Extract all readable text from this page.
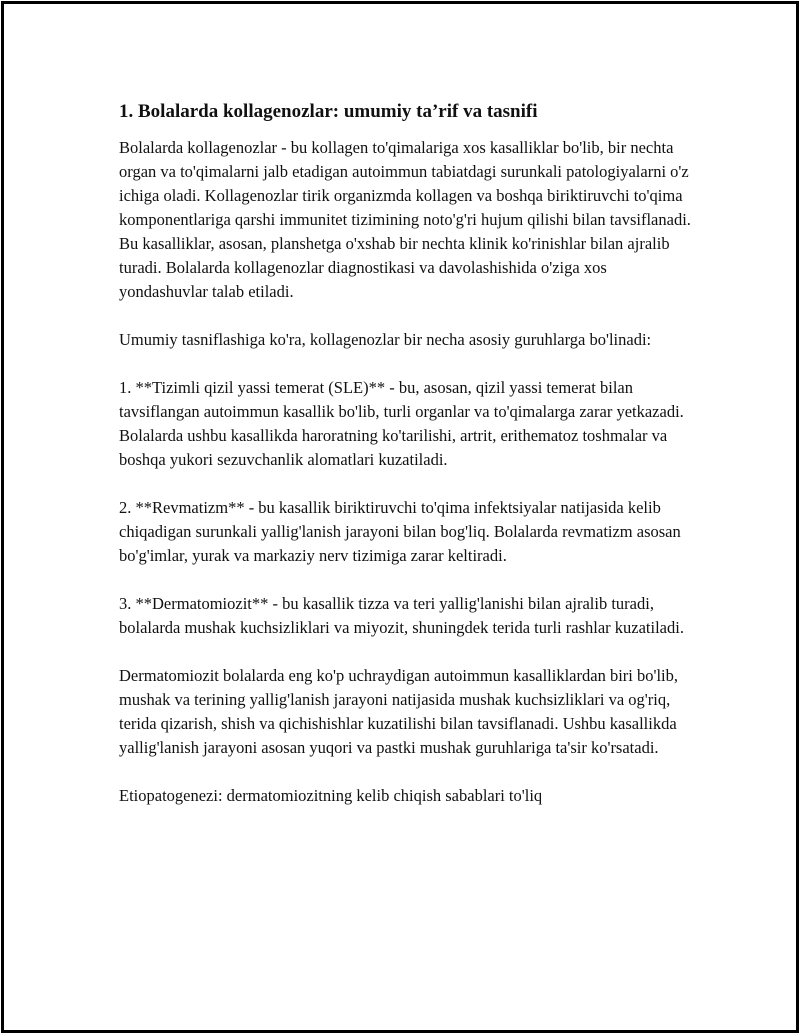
1. Bolalarda kollagenozlar: umumiy ta’rif va tasnifi

Bolalarda kollagenozlar - bu kollagen to'qimalariga xos kasalliklar bo'lib, bir nechta organ va to'qimalarni jalb etadigan autoimmun tabiatdagi surunkali patologiyalarni o'z ichiga oladi. Kollagenozlar tirik organizmda kollagen va boshqa biriktiruvchi to'qima komponentlariga qarshi immunitet tizimining noto'g'ri hujum qilishi bilan tavsiflanadi. Bu kasalliklar, asosan, planshetga o'xshab bir nechta klinik ko'rinishlar bilan ajralib turadi. Bolalarda kollagenozlar diagnostikasi va davolashishida o'ziga xos yondashuvlar talab etiladi.

Umumiy tasniflashiga ko'ra, kollagenozlar bir necha asosiy guruhlarga bo'linadi:

1. **Tizimli qizil yassi temerat (SLE)** - bu, asosan, qizil yassi temerat bilan tavsiflangan autoimmun kasallik bo'lib, turli organlar va to'qimalarga zarar yetkazadi. Bolalarda ushbu kasallikda haroratning ko'tarilishi, artrit, erithematoz toshmalar va boshqa yukori sezuvchanlik alomatlari kuzatiladi.

2. **Revmatizm** - bu kasallik biriktiruvchi to'qima infektsiyalar natijasida kelib chiqadigan surunkali yallig'lanish jarayoni bilan bog'liq. Bolalarda revmatizm asosan bo'g'imlar, yurak va markaziy nerv tizimiga zarar keltiradi.

3. **Dermatomiozit** - bu kasallik tizza va teri yallig'lanishi bilan ajralib turadi, bolalarda mushak kuchsizliklari va miyozit, shuningdek terida turli rashlar kuzatiladi.

Dermatomiozit bolalarda eng ko'p uchraydigan autoimmun kasalliklardan biri bo'lib, mushak va terining yallig'lanish jarayoni natijasida mushak kuchsizliklari va og'riq, terida qizarish, shish va qichishishlar kuzatilishi bilan tavsiflanadi. Ushbu kasallikda yallig'lanish jarayoni asosan yuqori va pastki mushak guruhlariga ta'sir ko'rsatadi.

Etiopatogenezi: dermatomiozitning kelib chiqish sabablari to'liq
